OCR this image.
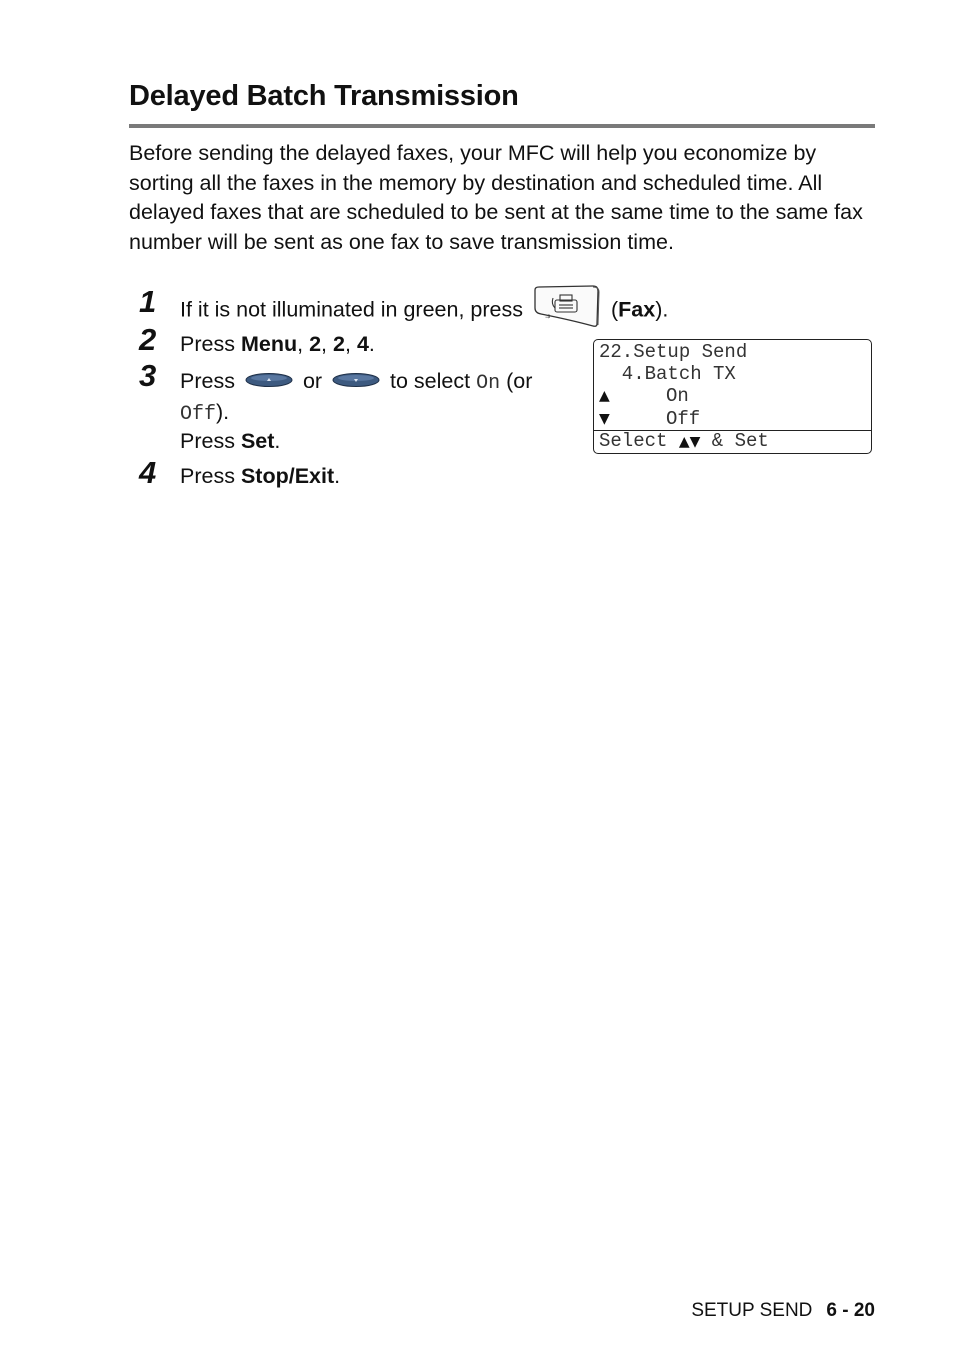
Delayed Batch Transmission

Before sending the delayed faxes, your MFC will help you economize by sorting all the faxes in the memory by destination and scheduled time. All delayed faxes that are scheduled to be sent at the same time to the same fax number will be sent as one fax to save transmission time.

1	If it is not illuminated in green, press	⇉	(Fax).
2	Press Menu, 2, 2, 4.
3	Press	or	to select On (or
Off).
Press Set.
4	Press Stop/Exit.
22.Setup Send
4.Batch TX
▲	On
▼	Off
Select ▲▼ & Set
SETUP SEND 6 - 20
